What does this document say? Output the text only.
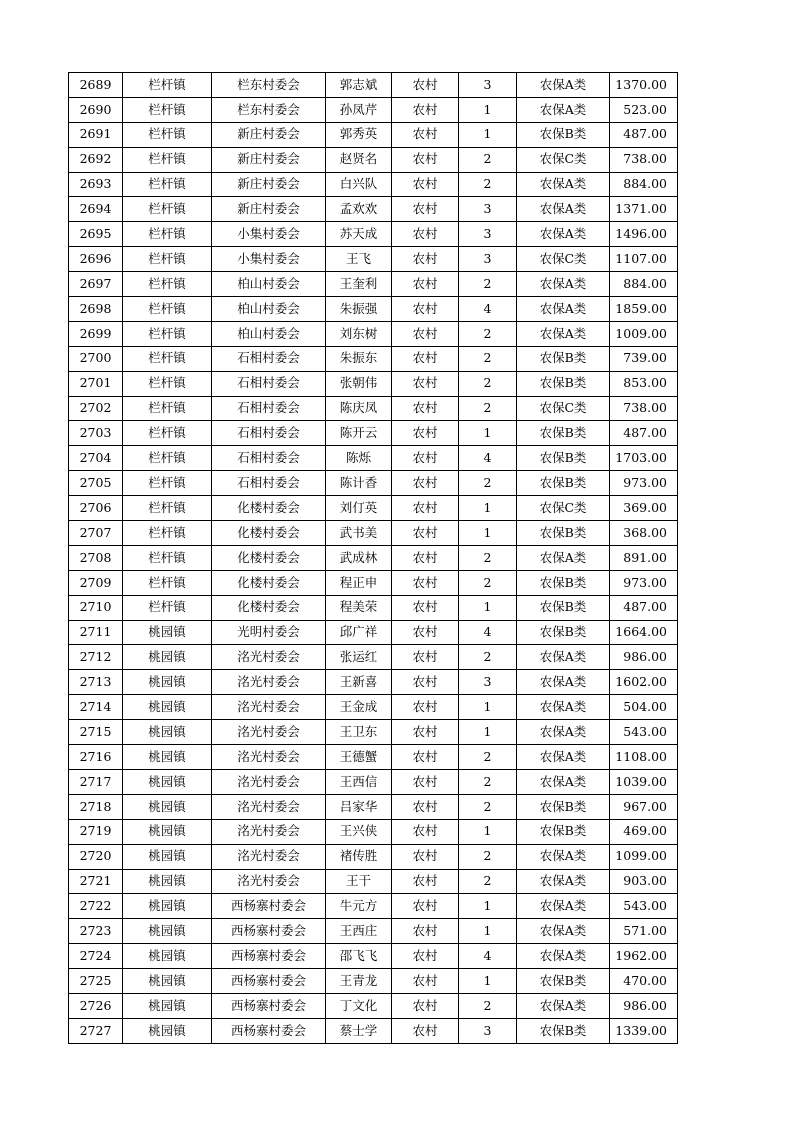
2689	栏杆镇	栏东村委会	郭志斌	农村	3	农保A类	1370.00
2690	栏杆镇	栏东村委会	孙凤芹	农村	1	农保A类	523.00
2691	栏杆镇	新庄村委会	郭秀英	农村	1	农保B类	487.00
2692	栏杆镇	新庄村委会	赵贤名	农村	2	农保C类	738.00
2693	栏杆镇	新庄村委会	白兴队	农村	2	农保A类	884.00
2694	栏杆镇	新庄村委会	孟欢欢	农村	3	农保A类	1371.00
2695	栏杆镇	小集村委会	苏天成	农村	3	农保A类	1496.00
2696	栏杆镇	小集村委会	王飞	农村	3	农保C类	1107.00
2697	栏杆镇	柏山村委会	王奎利	农村	2	农保A类	884.00
2698	栏杆镇	柏山村委会	朱振强	农村	4	农保A类	1859.00
2699	栏杆镇	柏山村委会	刘东树	农村	2	农保A类	1009.00
2700	栏杆镇	石相村委会	朱振东	农村	2	农保B类	739.00
2701	栏杆镇	石相村委会	张朝伟	农村	2	农保B类	853.00
2702	栏杆镇	石相村委会	陈庆凤	农村	2	农保C类	738.00
2703	栏杆镇	石相村委会	陈开云	农村	1	农保B类	487.00
2704	栏杆镇	石相村委会	陈烁	农村	4	农保B类	1703.00
2705	栏杆镇	石相村委会	陈计香	农村	2	农保B类	973.00
2706	栏杆镇	化楼村委会	刘仃英	农村	1	农保C类	369.00
2707	栏杆镇	化楼村委会	武书美	农村	1	农保B类	368.00
2708	栏杆镇	化楼村委会	武成林	农村	2	农保A类	891.00
2709	栏杆镇	化楼村委会	程正申	农村	2	农保B类	973.00
2710	栏杆镇	化楼村委会	程美荣	农村	1	农保B类	487.00
2711	桃园镇	光明村委会	邱广祥	农村	4	农保B类	1664.00
2712	桃园镇	洺光村委会	张运红	农村	2	农保A类	986.00
2713	桃园镇	洺光村委会	王新喜	农村	3	农保A类	1602.00
2714	桃园镇	洺光村委会	王金成	农村	1	农保A类	504.00
2715	桃园镇	洺光村委会	王卫东	农村	1	农保A类	543.00
2716	桃园镇	洺光村委会	王德蟹	农村	2	农保A类	1108.00
2717	桃园镇	洺光村委会	王西信	农村	2	农保A类	1039.00
2718	桃园镇	洺光村委会	吕家华	农村	2	农保B类	967.00
2719	桃园镇	洺光村委会	王兴侠	农村	1	农保B类	469.00
2720	桃园镇	洺光村委会	褚传胜	农村	2	农保A类	1099.00
2721	桃园镇	洺光村委会	王干	农村	2	农保A类	903.00
2722	桃园镇	西杨寨村委会	牛元方	农村	1	农保A类	543.00
2723	桃园镇	西杨寨村委会	王西庄	农村	1	农保A类	571.00
2724	桃园镇	西杨寨村委会	邵飞飞	农村	4	农保A类	1962.00
2725	桃园镇	西杨寨村委会	王青龙	农村	1	农保B类	470.00
2726	桃园镇	西杨寨村委会	丁文化	农村	2	农保A类	986.00
2727	桃园镇	西杨寨村委会	蔡士学	农村	3	农保B类	1339.00
